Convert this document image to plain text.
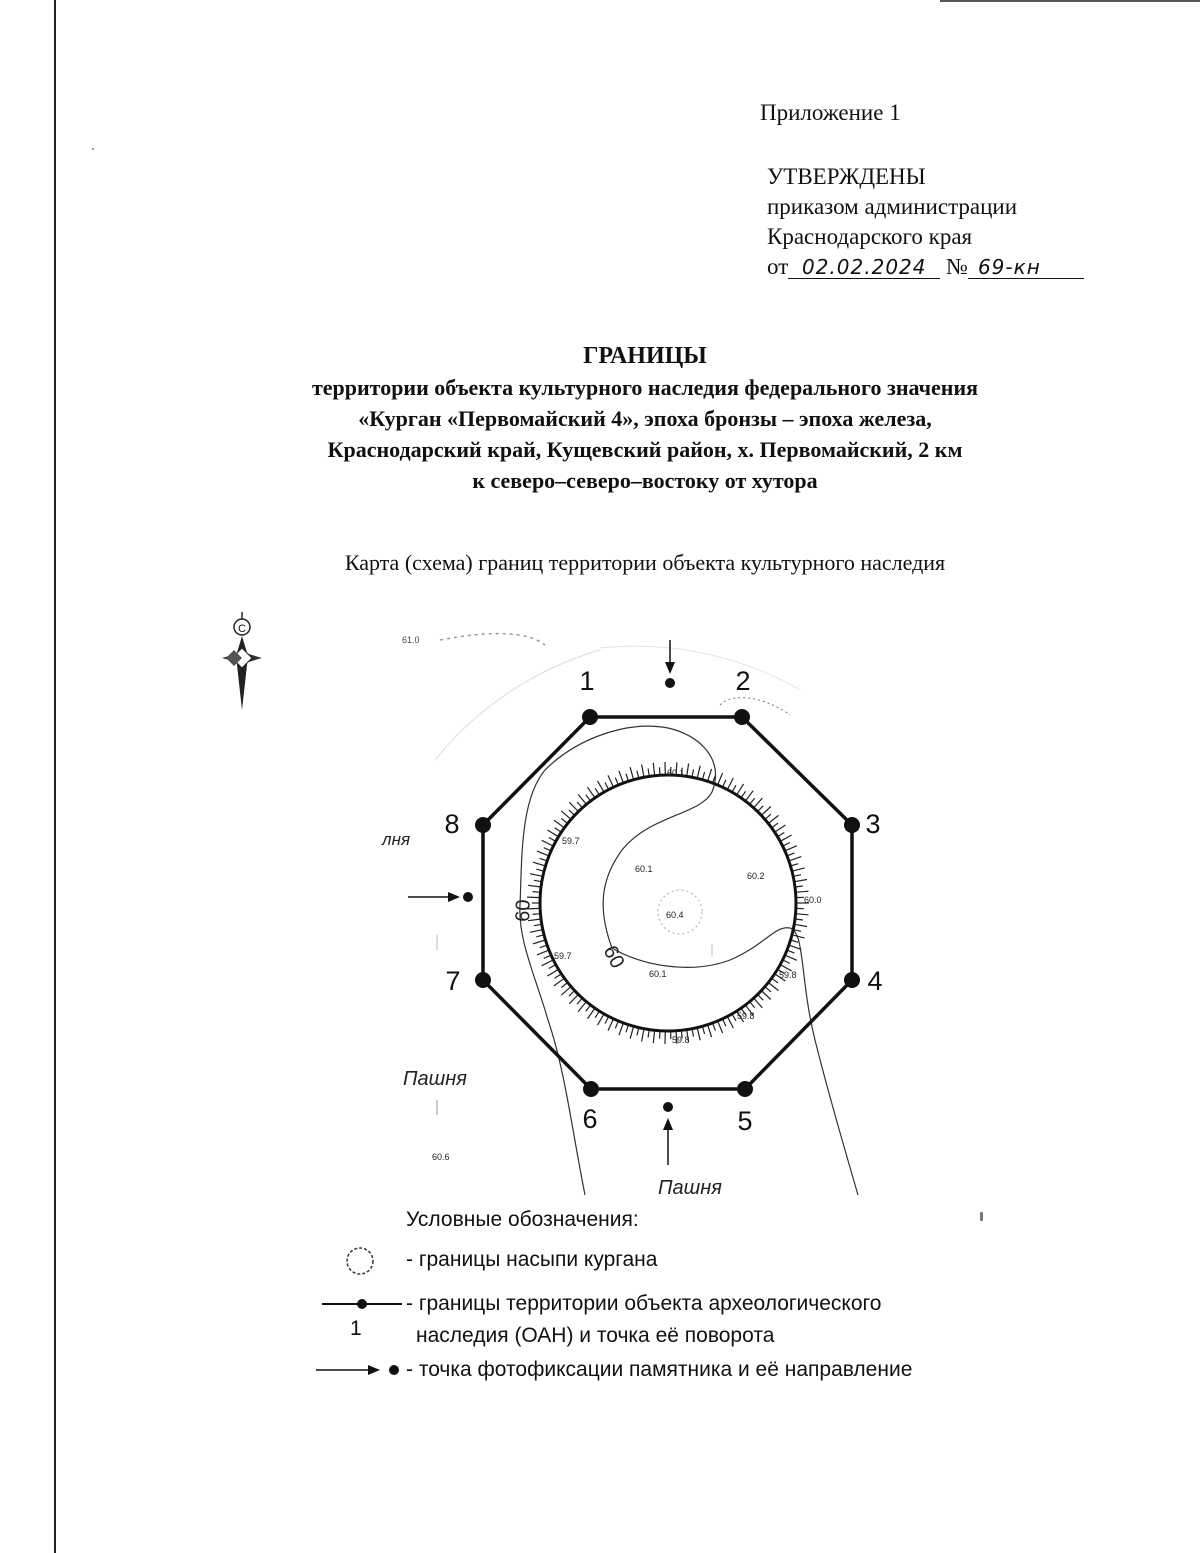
Приложение 1
УТВЕРЖДЕНЫ
приказом администрации
Краснодарского края
от 02.02.2024 № 69-кн
ГРАНИЦЫ
территории объекта культурного наследия федерального значения
«Курган «Первомайский 4», эпоха бронзы – эпоха железа,
Краснодарский край, Кущевский район, х. Первомайский, 2 км
к северо–северо–востоку от хутора
Карта (схема) границ территории объекта культурного наследия
61.0
С
1	2
3
4
5
6
7
8
60.1
59.7
60.1
60.2
60.0
60.4
59.7
60.1	59.8
59.8
59.8
60.6
60
60
Пашня
Пашня
лня
Условные обозначения:
- границы насыпи кургана
1
- границы территории объекта археологического
наследия (ОАН) и точка её поворота
- точка фотофиксации памятника и её направление
